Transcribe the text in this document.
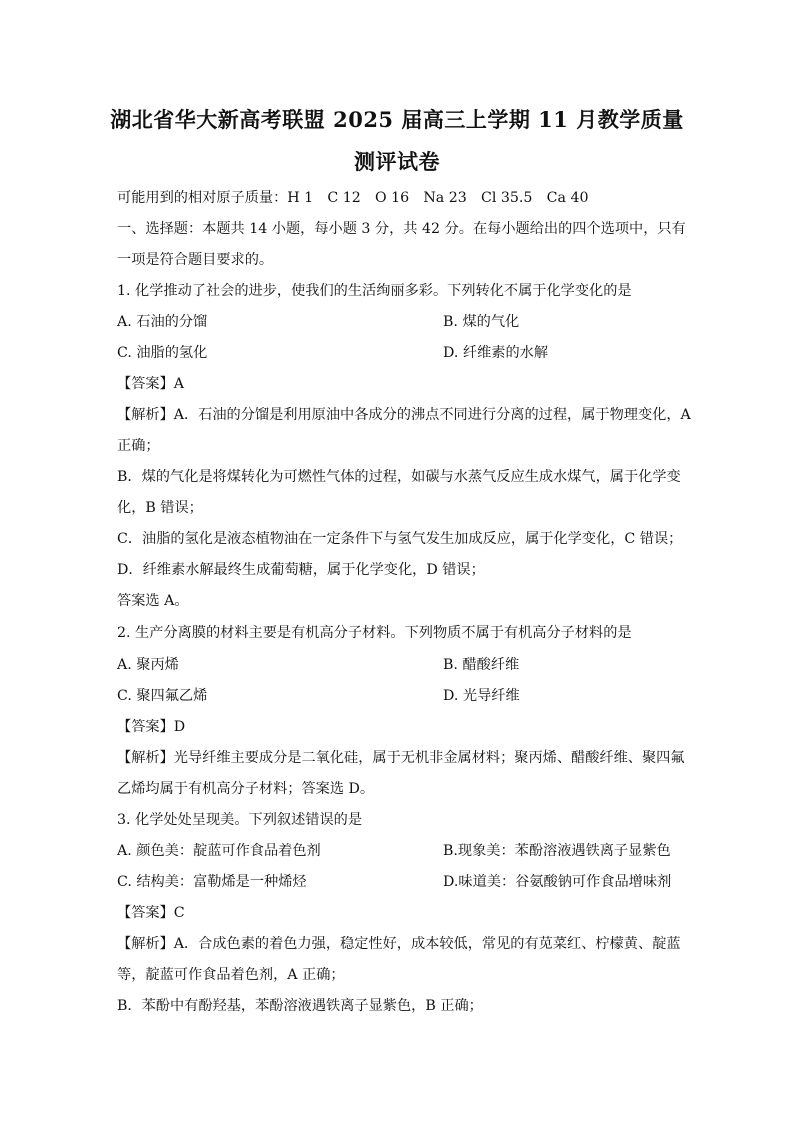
湖北省华大新高考联盟 2025 届高三上学期 11 月教学质量
测评试卷
可能用到的相对原子质量：H 1　C 12　O 16　Na 23　Cl 35.5　Ca 40
一、选择题：本题共 14 小题，每小题 3 分，共 42 分。在每小题给出的四个选项中，只有
一项是符合题目要求的。
1. 化学推动了社会的进步，使我们的生活绚丽多彩。下列转化不属于化学变化的是
A. 石油的分馏	B. 煤的气化
C. 油脂的氢化	D. 纤维素的水解
【答案】A
【解析】A．石油的分馏是利用原油中各成分的沸点不同进行分离的过程，属于物理变化，A
正确；
B．煤的气化是将煤转化为可燃性气体的过程，如碳与水蒸气反应生成水煤气，属于化学变
化，B 错误；
C．油脂的氢化是液态植物油在一定条件下与氢气发生加成反应，属于化学变化，C 错误；
D．纤维素水解最终生成葡萄糖，属于化学变化，D 错误；
答案选 A。
2. 生产分离膜的材料主要是有机高分子材料。下列物质不属于有机高分子材料的是
A. 聚丙烯	B. 醋酸纤维
C. 聚四氟乙烯	D. 光导纤维
【答案】D
【解析】光导纤维主要成分是二氧化硅，属于无机非金属材料；聚丙烯、醋酸纤维、聚四氟
乙烯均属于有机高分子材料；答案选 D。
3. 化学处处呈现美。下列叙述错误的是
A. 颜色美：靛蓝可作食品着色剂	B.现象美：苯酚溶液遇铁离子显紫色
C. 结构美：富勒烯是一种烯烃	D.味道美：谷氨酸钠可作食品增味剂
【答案】C
【解析】A．合成色素的着色力强，稳定性好，成本较低，常见的有苋菜红、柠檬黄、靛蓝
等，靛蓝可作食品着色剂，A 正确；
B．苯酚中有酚羟基，苯酚溶液遇铁离子显紫色，B 正确；
